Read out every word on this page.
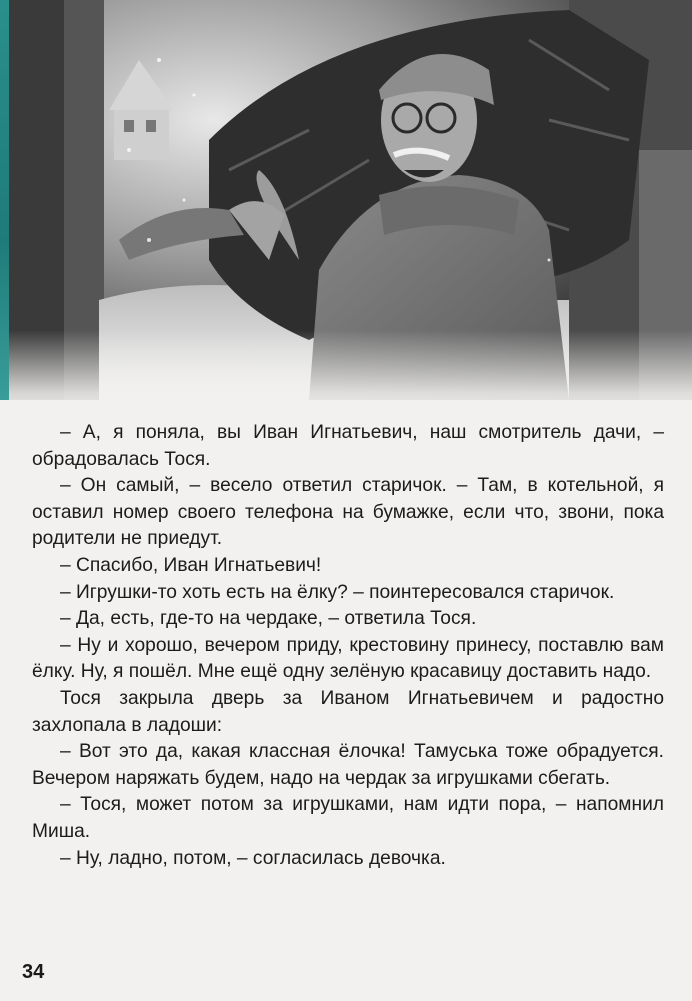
– А, я поняла, вы Иван Игнатьевич, наш смотритель дачи, – обрадовалась Тося.

– Он самый, – весело ответил старичок. – Там, в котельной, я оставил номер своего телефона на бумажке, если что, звони, пока родители не приедут.

– Спасибо, Иван Игнатьевич!

– Игрушки-то хоть есть на ёлку? – поинтересовался старичок.

– Да, есть, где-то на чердаке, – ответила Тося.

– Ну и хорошо, вечером приду, крестовину принесу, поставлю вам ёлку. Ну, я пошёл. Мне ещё одну зелёную красавицу доставить надо.

Тося закрыла дверь за Иваном Игнатьевичем и радостно захлопала в ладоши:

– Вот это да, какая классная ёлочка! Тамуська тоже обрадуется. Вечером наряжать будем, надо на чердак за игрушками сбегать.

– Тося, может потом за игрушками, нам идти пора, – напомнил Миша.

– Ну, ладно, потом, – согласилась девочка.

34
